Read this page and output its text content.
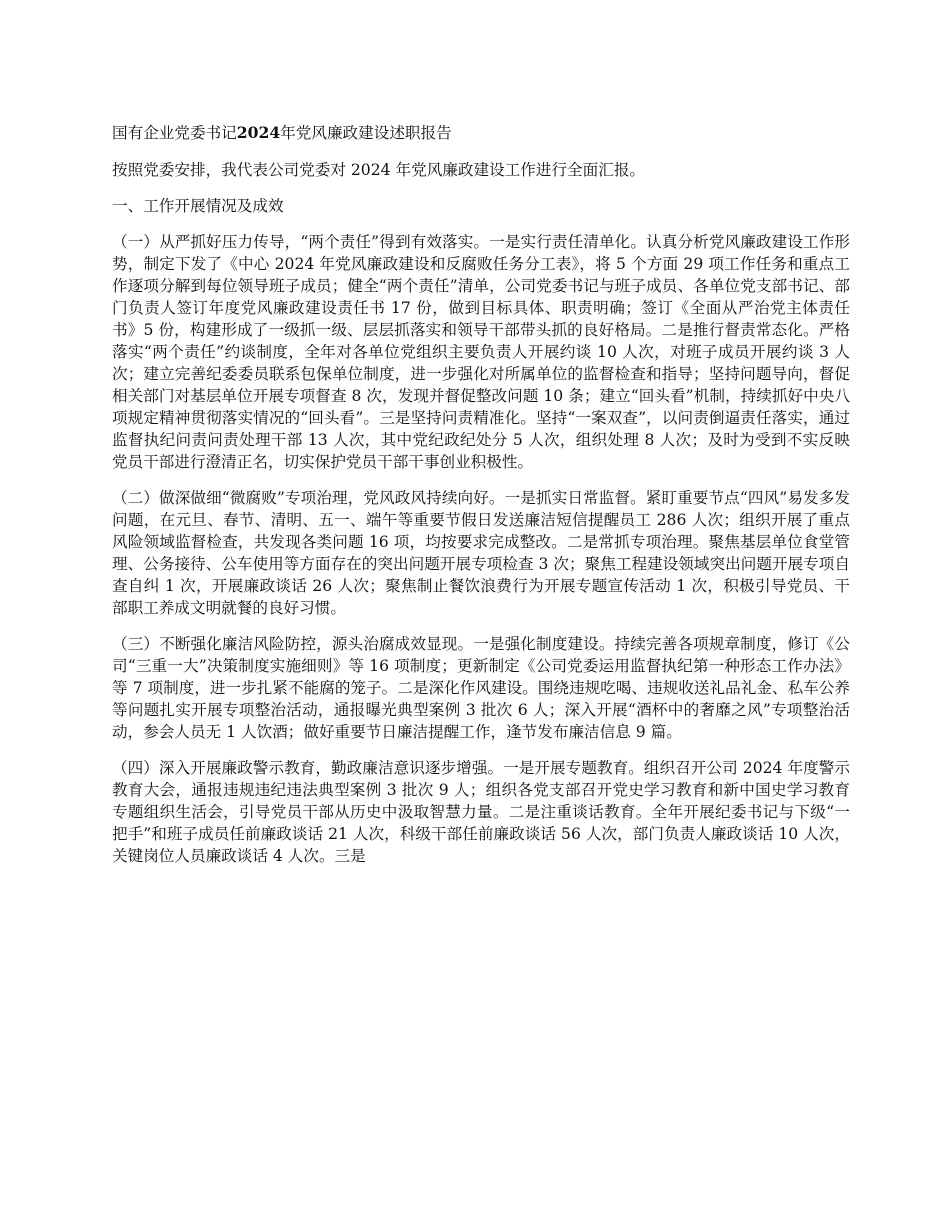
国有企业党委书记2024年党风廉政建设述职报告
按照党委安排，我代表公司党委对 2024 年党风廉政建设工作进行全面汇报。
一、工作开展情况及成效
（一）从严抓好压力传导，“两个责任”得到有效落实。一是实行责任清单化。认真分析党风廉政建设工作形势，制定下发了《中心 2024 年党风廉政建设和反腐败任务分工表》，将 5 个方面 29 项工作任务和重点工作逐项分解到每位领导班子成员；健全“两个责任”清单，公司党委书记与班子成员、各单位党支部书记、部门负责人签订年度党风廉政建设责任书 17 份，做到目标具体、职责明确；签订《全面从严治党主体责任书》5 份，构建形成了一级抓一级、层层抓落实和领导干部带头抓的良好格局。二是推行督责常态化。严格落实“两个责任”约谈制度，全年对各单位党组织主要负责人开展约谈 10 人次，对班子成员开展约谈 3 人次；建立完善纪委委员联系包保单位制度，进一步强化对所属单位的监督检查和指导；坚持问题导向，督促相关部门对基层单位开展专项督查 8 次，发现并督促整改问题 10 条；建立“回头看”机制，持续抓好中央八项规定精神贯彻落实情况的“回头看”。三是坚持问责精准化。坚持“一案双查”，以问责倒逼责任落实，通过监督执纪问责问责处理干部 13 人次，其中党纪政纪处分 5 人次，组织处理 8 人次；及时为受到不实反映党员干部进行澄清正名，切实保护党员干部干事创业积极性。
（二）做深做细“微腐败”专项治理，党风政风持续向好。一是抓实日常监督。紧盯重要节点“四风”易发多发问题，在元旦、春节、清明、五一、端午等重要节假日发送廉洁短信提醒员工 286 人次；组织开展了重点风险领域监督检查，共发现各类问题 16 项，均按要求完成整改。二是常抓专项治理。聚焦基层单位食堂管理、公务接待、公车使用等方面存在的突出问题开展专项检查 3 次；聚焦工程建设领域突出问题开展专项自查自纠 1 次，开展廉政谈话 26 人次；聚焦制止餐饮浪费行为开展专题宣传活动 1 次，积极引导党员、干部职工养成文明就餐的良好习惯。
（三）不断强化廉洁风险防控，源头治腐成效显现。一是强化制度建设。持续完善各项规章制度，修订《公司“三重一大”决策制度实施细则》等 16 项制度；更新制定《公司党委运用监督执纪第一种形态工作办法》等 7 项制度，进一步扎紧不能腐的笼子。二是深化作风建设。围绕违规吃喝、违规收送礼品礼金、私车公养等问题扎实开展专项整治活动，通报曝光典型案例 3 批次 6 人；深入开展“酒杯中的奢靡之风”专项整治活动，参会人员无 1 人饮酒；做好重要节日廉洁提醒工作，逢节发布廉洁信息 9 篇。
（四）深入开展廉政警示教育，勤政廉洁意识逐步增强。一是开展专题教育。组织召开公司 2024 年度警示教育大会，通报违规违纪违法典型案例 3 批次 9 人；组织各党支部召开党史学习教育和新中国史学习教育专题组织生活会，引导党员干部从历史中汲取智慧力量。二是注重谈话教育。全年开展纪委书记与下级“一把手”和班子成员任前廉政谈话 21 人次，科级干部任前廉政谈话 56 人次，部门负责人廉政谈话 10 人次，关键岗位人员廉政谈话 4 人次。三是
